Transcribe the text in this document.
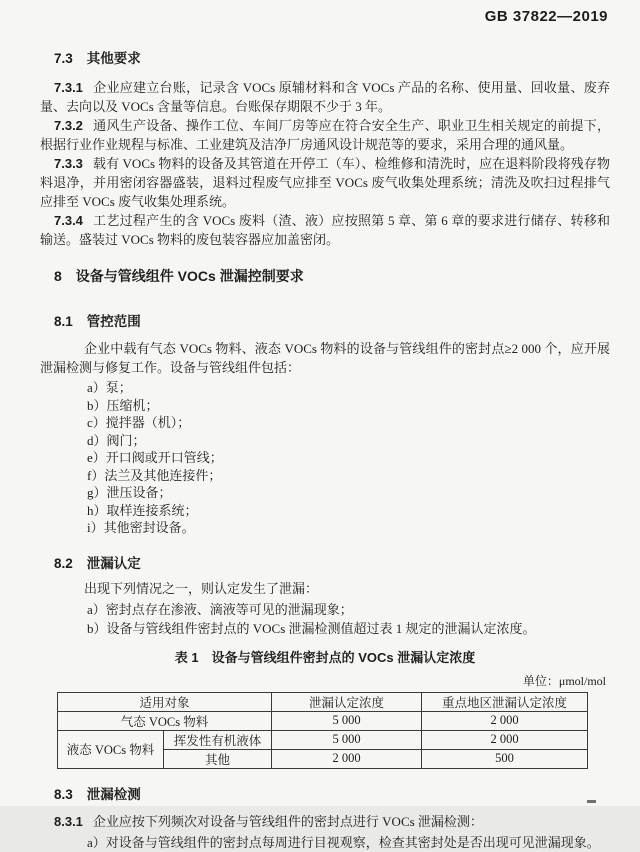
GB 37822—2019
7.3 其他要求

7.3.1 企业应建立台账，记录含 VOCs 原辅材料和含 VOCs 产品的名称、使用量、回收量、废弃量、去向以及 VOCs 含量等信息。台账保存期限不少于 3 年。

7.3.2 通风生产设备、操作工位、车间厂房等应在符合安全生产、职业卫生相关规定的前提下，根据行业作业规程与标准、工业建筑及洁净厂房通风设计规范等的要求，采用合理的通风量。

7.3.3 载有 VOCs 物料的设备及其管道在开停工（车）、检维修和清洗时，应在退料阶段将残存物料退净，并用密闭容器盛装，退料过程废气应排至 VOCs 废气收集处理系统；清洗及吹扫过程排气应排至 VOCs 废气收集处理系统。

7.3.4 工艺过程产生的含 VOCs 废料（渣、液）应按照第 5 章、第 6 章的要求进行储存、转移和输送。盛装过 VOCs 物料的废包装容器应加盖密闭。

8 设备与管线组件 VOCs 泄漏控制要求
8.1 管控范围

企业中载有气态 VOCs 物料、液态 VOCs 物料的设备与管线组件的密封点≥2 000 个，应开展泄漏检测与修复工作。设备与管线组件包括：

a）泵；
b）压缩机；
c）搅拌器（机）；
d）阀门；
e）开口阀或开口管线；
f）法兰及其他连接件；
g）泄压设备；
h）取样连接系统；
i）其他密封设备。
8.2 泄漏认定

出现下列情况之一，则认定发生了泄漏：

a）密封点存在渗液、滴液等可见的泄漏现象；
b）设备与管线组件密封点的 VOCs 泄漏检测值超过表 1 规定的泄漏认定浓度。
表 1　设备与管线组件密封点的 VOCs 泄漏认定浓度
单位：μmol/mol
适用对象		泄漏认定浓度	重点地区泄漏认定浓度
气态 VOCs 物料		5 000	2 000
液态 VOCs 物料	挥发性有机液体	5 000	2 000
	其他	2 000	500
8.3 泄漏检测

8.3.1 企业应按下列频次对设备与管线组件的密封点进行 VOCs 泄漏检测：

a）对设备与管线组件的密封点每周进行目视观察，检查其密封处是否出现可见泄漏现象。
